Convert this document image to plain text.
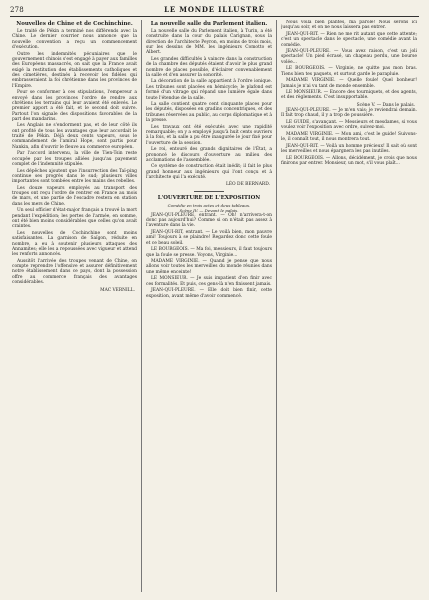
278	LE MONDE ILLUSTRÉ
Nouvelles de Chine et de Cochinchine.

Le traité de Pékin a terminé nos différends avec la Chine. Le dernier courrier nous annonce que la nouvelle convention a reçu un commencement d'exécution.

Outre les indemnités pécuniaires que le gouvernement chinois s'est engagé à payer aux familles des Européens massacrés, on sait que la France avait exigé la restitution des établissements catholiques et des cimetières, destinés à recevoir les fidèles qui embrasseraient la foi chrétienne dans les provinces de l'Empire.

Pour se conformer à ces stipulations, l'empereur a envoyé dans les provinces l'ordre de rendre aux chrétiens les terrains qui leur avaient été enlevés. Le premier apport a été fait, et le second doit suivre. Partout l'on signale des dispositions favorables de la part des mandarins.

Les Anglais ne s'endorment pas, et de leur côté ils ont profité de tous les avantages que leur accordait le traité de Pékin. Déjà deux cents vapeurs, sous le commandement de l'amiral Hope, sont partis pour Nankin, afin d'ouvrir le fleuve au commerce européen.

Par l'accord intervenu, la ville de Tien-Tsin reste occupée par les troupes alliées jusqu'au payement complet de l'indemnité stipulée.

Les dépêches ajoutent que l'insurrection des Taï-ping continue ses progrès dans le sud; plusieurs villes importantes sont tombées entre les mains des rebelles.

Les douze vapeurs employés au transport des troupes ont reçu l'ordre de rentrer en France au mois de mars, et une partie de l'escadre restera en station dans les mers de Chine.

Un seul officier d'état-major français a trouvé la mort pendant l'expédition; les pertes de l'armée, en somme, ont été bien moins considérables que celles qu'on avait craintes.

Les nouvelles de Cochinchine sont moins satisfaisantes. La garnison de Saïgon, réduite en nombre, a eu à soutenir plusieurs attaques des Annamites; elle les a repoussées avec vigueur et attend les renforts annoncés.

Aussitôt l'arrivée des troupes venant de Chine, on compte reprendre l'offensive et assurer définitivement notre établissement dans ce pays, dont la possession offre au commerce français des avantages considérables.

MAC VERNILL.
La nouvelle salle du Parlement italien.

La nouvelle salle du Parlement italien, à Turin, a été construite dans la cour du palais Carignan, sous la direction de l'architecte Peyron, en moins de trois mois, sur les dessins de MM. les ingénieurs Comotto et Albert.

Les grandes difficultés à vaincre dans la construction de la chambre des députés étaient d'avoir le plus grand nombre de places possible, d'éclairer convenablement la salle et d'en assurer la sonorité.

La décoration de la salle appartient à l'ordre ionique. Les tribunes sont placées en hémicycle; le plafond est formé d'un vitrage qui répand une lumière égale dans toute l'étendue de la salle.

La salle contient quatre cent cinquante places pour les députés, disposées en gradins concentriques, et des tribunes réservées au public, au corps diplomatique et à la presse.

Les travaux ont été exécutés avec une rapidité remarquable; on y a employé jusqu'à huit cents ouvriers à la fois, et la salle a pu être inaugurée le jour fixé pour l'ouverture de la session.

Le roi, entouré des grands dignitaires de l'État, a prononcé le discours d'ouverture au milieu des acclamations de l'assemblée.

Ce système de construction était inédit; il fait le plus grand honneur aux ingénieurs qui l'ont conçu et à l'architecte qui l'a exécuté.

LÉO DE BERNARD.
L'OUVERTURE DE L'EXPOSITION
Comédie en trois actes et deux tableaux.
Scène IV. — Devant le palais.

JEAN-QUI-PLEURE, entrant. — Oh! n'arrivera-t-on donc pas aujourd'hui? Comme si on n'était pas assez à l'aventure dans la vie.

JEAN-QUI-RIT, entrant. — Le voilà bien, mon pauvre ami! Toujours à se plaindre! Regardez donc cette foule et ce beau soleil.

LE BOURGEOIS. — Ma foi, messieurs, il faut toujours que la foule se presse. Voyons, Virginie...

MADAME VIRGINIE. — Quand je pense que nous allons voir toutes les merveilles du monde réunies dans une même enceinte!

LE MONSIEUR. — Je suis impatient d'en finir avec ces formalités. Et puis, ces gens-là n'en finissent jamais.

JEAN-QUI-PLEURE. — Elle doit bien finir, cette exposition, avant même d'avoir commencé.

Nous voilà bien plantés, ma parole! Nous serons ici jusqu'au soir, et on ne nous laissera pas entrer.

JEAN-QUI-RIT. — Rien ne me rit autant que cette attente; c'est un spectacle dans le spectacle, une comédie avant la comédie.

JEAN-QUI-PLEURE. — Vous avez raison, c'est un joli spectacle! Un pied écrasé, un chapeau perdu, une bourse volée...

LE BOURGEOIS. — Virginie, ne quitte pas mon bras. Tiens bien tes paquets, et surtout garde le parapluie.

MADAME VIRGINIE. — Quelle foule! Quel bonheur! Jamais je n'ai vu tant de monde ensemble.

LE MONSIEUR. — Encore des tourniquets, et des agents, et des règlements. C'est insupportable.

Scène V. — Dans le palais.

JEAN-QUI-PLEURE. — Je m'en vais; je reviendrai demain. Il fait trop chaud, il y a trop de poussière.

LE GUIDE, s'avançant. — Messieurs et mesdames, si vous voulez voir l'exposition avec ordre, suivez-moi.

MADAME VIRGINIE. — Mon ami, c'est le guide! Suivons-le, il connaît tout, il nous montrera tout.

JEAN-QUI-RIT. — Voilà un homme précieux! Il sait où sont les merveilles et nous épargnera les pas inutiles.

LE BOURGEOIS. — Allons, décidément, je crois que nous finirons par entrer. Monsieur, un mot, s'il vous plaît...
